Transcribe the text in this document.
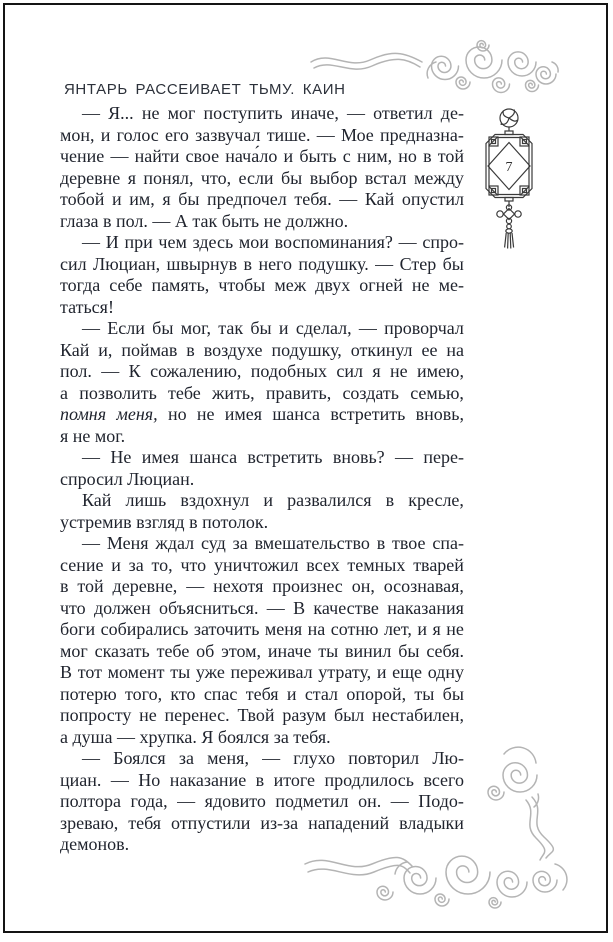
7
ЯНТАРЬ РАССЕИВАЕТ ТЬМУ. КАИН
— Я... не мог поступить иначе, — ответил де-
мон, и голос его зазвучал тише. — Мое предназна-
чение — найти свое нача́ло и быть с ним, но в той
деревне я понял, что, если бы выбор встал между
тобой и им, я бы предпочел тебя. — Кай опустил
глаза в пол. — А так быть не должно.
— И при чем здесь мои воспоминания? — спро-
сил Люциан, швырнув в него подушку. — Стер бы
тогда себе память, чтобы меж двух огней не ме-
таться!
— Если бы мог, так бы и сделал, — проворчал
Кай и, поймав в воздухе подушку, откинул ее на
пол. — К сожалению, подобных сил я не имею,
а позволить тебе жить, править, создать семью,
помня меня, но не имея шанса встретить вновь,
я не мог.
— Не имея шанса встретить вновь? — пере-
спросил Люциан.
Кай лишь вздохнул и развалился в кресле,
устремив взгляд в потолок.
— Меня ждал суд за вмешательство в твое спа-
сение и за то, что уничтожил всех темных тварей
в той деревне, — нехотя произнес он, осознавая,
что должен объясниться. — В качестве наказания
боги собирались заточить меня на сотню лет, и я не
мог сказать тебе об этом, иначе ты винил бы себя.
В тот момент ты уже переживал утрату, и еще одну
потерю того, кто спас тебя и стал опорой, ты бы
попросту не перенес. Твой разум был нестабилен,
а душа — хрупка. Я боялся за тебя.
— Боялся за меня, — глухо повторил Лю-
циан. — Но наказание в итоге продлилось всего
полтора года, — ядовито подметил он. — Подо-
зреваю, тебя отпустили из-за нападений владыки
демонов.
